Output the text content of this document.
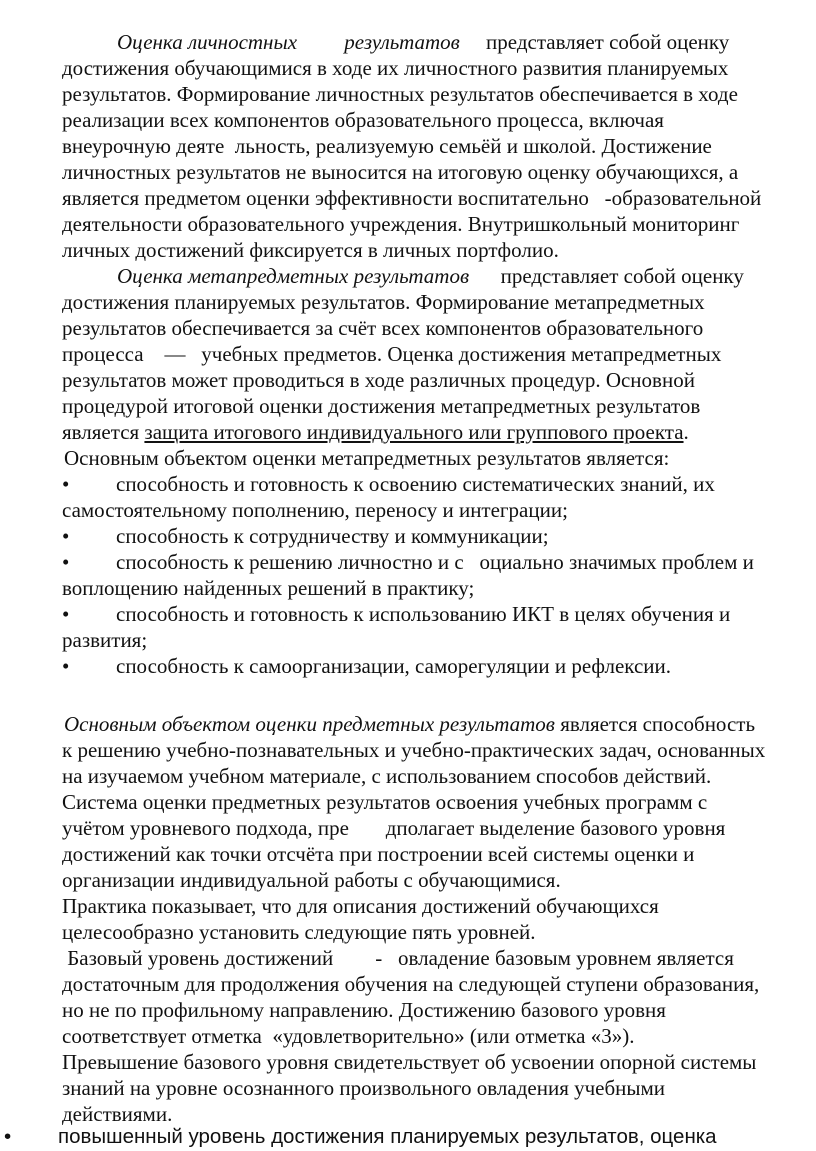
Оценка личностных результатов представляет собой оценку
достижения обучающимися в ходе их личностного развития планируемых
результатов. Формирование личностных результатов обеспечивается в ходе
реализации всех компонентов образовательного процесса, включая
внеурочную деяте  льность, реализуемую семьёй и школой. Достижение
личностных результатов не выносится на итоговую оценку обучающихся, а
является предметом оценки эффективности воспитательно   -образовательной
деятельности образовательного учреждения. Внутришкольный мониторинг
личных достижений фиксируется в личных портфолио.
Оценка метапредметных результатов представляет собой оценку
достижения планируемых результатов. Формирование метапредметных
результатов обеспечивается за счёт всех компонентов образовательного
процесса    —   учебных предметов. Оценка достижения метапредметных
результатов может проводиться в ходе различных процедур. Основной
процедурой итоговой оценки достижения метапредметных результатов
является защита итогового индивидуального или группового проекта.
Основным объектом оценки метапредметных результатов является:
• способность и готовность к освоению систематических знаний, их
самостоятельному пополнению, переносу и интеграции;
• способность к сотрудничеству и коммуникации;
• способность к решению личностно и с   оциально значимых проблем и
воплощению найденных решений в практику;
• способность и готовность к использованию ИКТ в целях обучения и
развития;
• способность к самоорганизации, саморегуляции и рефлексии.
Основным объектом оценки предметных результатов является способность
к решению учебно-познавательных и учебно-практических задач, основанных
на изучаемом учебном материале, с использованием способов действий.
Система оценки предметных результатов освоения учебных программ с
учётом уровневого подхода, пре       дполагает выделение базового уровня
достижений как точки отсчёта при построении всей системы оценки и
организации индивидуальной работы с обучающимися.
Практика показывает, что для описания достижений обучающихся
целесообразно установить следующие пять уровней.
Базовый уровень достижений        -   овладение базовым уровнем является
достаточным для продолжения обучения на следующей ступени образования,
но не по профильному направлению. Достижению базового уровня
соответствует отметка  «удовлетворительно» (или отметка «3»).
Превышение базового уровня свидетельствует об усвоении опорной системы
знаний на уровне осознанного произвольного овладения учебными
действиями.
• повышенный уровень достижения планируемых результатов, оценка
